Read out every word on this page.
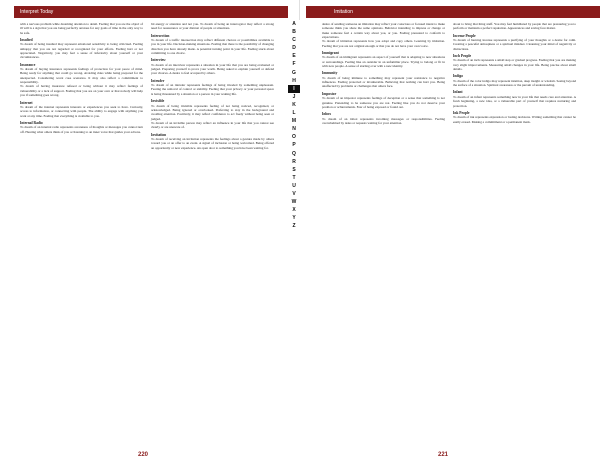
Interpret Today

with a nervous problem while dreaming attention to detail. Feeling that you are the object of ill will is a sign that you are being perfectly anxious for any goals of time in the only way to be safe.

Insulted

To dream of being insulted may represent emotional sensitivity to being criticized. Feeling unhappy that you are not regarded or recognized for your efforts. Feeling hurt or not appreciated. Negatively, you may feel a sense of inferiority about yourself or your circumstances.

Insurance

To dream of buying insurance represents feelings of protection for your peace of mind. Being ready for anything that could go wrong. Avoiding risks while being prepared for the unexpected. Considering worst case scenarios. It may also reflect a commitment to responsibility.

To dream of having insurance refused or being without it may reflect feelings of vulnerability or a lack of support. Feeling that you are on your own or that nobody will help you if something goes wrong.

Internet

To dream of the internet represents interests or experiences you seek to have. Curiosity, access to information, or connecting with people. The ability to engage with anything you want at any time. Feeling that everything is available to you.

Internal Radio

To dream of an internal radio represents awareness of thoughts or messages you cannot turn off. Hearing what others think of you or listening to an inner voice that guides your actions.

bit energy or attention and not you. To dream of being an interrogator may reflect a strong need for reassurance or your distrust of people or situations.

Intersection

To dream of a traffic intersection may reflect different choices or possibilities available to you in your life. Decision-making situations. Feeling that there is the possibility of changing direction you have already made. A potential turning point in your life. Feeling stuck about committing to one choice.

Interview

To dream of an interview represents a situation in your life that you are being evaluated or judged. Preparing yourself to prove your worth. Being asked to explain yourself or defend your choices. A desire to feel accepted by others.

Intruder

To dream of an intruder represents feelings of being invaded by something unpleasant. Fearing the removal of control or stability. Feeling that your privacy or your personal space is being threatened by a situation or a person in your waking life.

Invisible

To dream of being invisible represents feeling of not being noticed, recognized, or acknowledged. Being ignored or overlooked. Preferring to stay in the background and avoiding attention. Positively, it may reflect confidence to act freely without being seen or judged.

To dream of an invisible person may reflect an influence in your life that you cannot see clearly or are unaware of.

Invitation

To dream of receiving an invitation represents the feelings about a gesture made by others toward you or an offer to an event. A signal of inclusion or being welcomed. Being offered an opportunity or new experience. An open door to something you have been waiting for.

220
A
B
C
D
E
F
G
H
I
J
K
L
M
N
O
P
Q
R
S
T
U
V
W
X
Y
Z
Imitation

desire of sending someone an imitation may reflect your conscious or focused intent to make someone think you share the same opinions. Behavior intending to impress or change or make someone feel a certain way about you, or you. Feeling pressured to conform to expectations.

To dream of imitation represents how you adopt and copy others. Learning by imitation. Feeling that you are not original enough or that you do not have your own voice.

Immigrant

To dream of an immigrant represents an aspect of yourself that is adapting to new situations or surroundings. Feeling like an outsider in an unfamiliar place. Trying to belong or fit in with new people. A sense of starting over with a new identity.

Immunity

To dream of being immune to something may represent your resistance to negative influences. Feeling protected or invulnerable. Believing that nothing can hurt you. Being unaffected by problems or challenges that others face.

Impostor

To dream of an impostor represents feelings of deception or a sense that something is not genuine. Pretending to be someone you are not. Feeling like you do not deserve your position or achievements. Fear of being exposed or found out.

Inbox

To dream of an inbox represents incoming messages or responsibilities. Feeling overwhelmed by tasks or requests waiting for your attention.

about to bring that thing stuff. You may feel humiliated by people that are pressuring you to perform or maintain a perfect reputation. Appearances and saving face matter.

Incense People

To dream of burning incense represents a purifying of your thoughts or a desire for calm. Creating a peaceful atmosphere or a spiritual mindset. Cleansing your mind of negativity or distractions.

Inch People

To dream of an inch represents a small step or gradual progress. Feeling that you are making very slight improvements. Measuring small changes in your life. Being precise about small details.

Indigo

To dream of the color indigo may represent intuition, deep insight or wisdom. Seeing beyond the surface of a situation. Spiritual awareness or the pursuit of understanding.

Infant

To dream of an infant represents something new in your life that needs care and attention. A fresh beginning, a new idea, or a vulnerable part of yourself that requires nurturing and protection.

Ink People

To dream of ink represents expression or lasting decisions. Writing something that cannot be easily erased. Making a commitment or a permanent mark.

221
